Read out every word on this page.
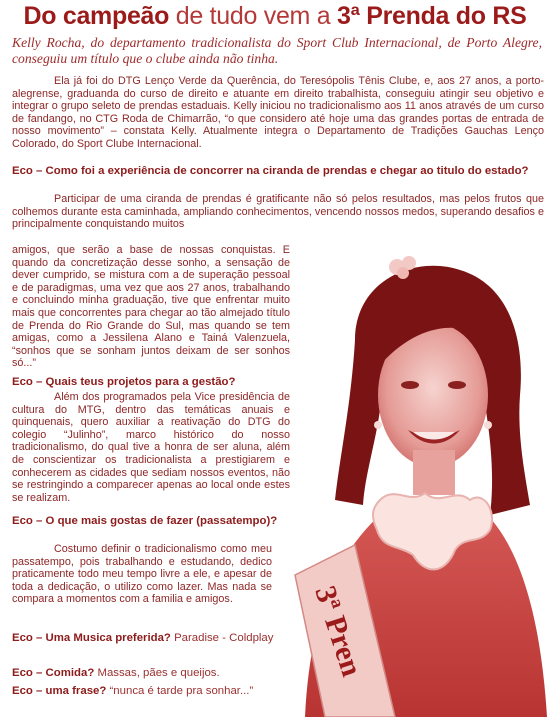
Do campeão de tudo vem a 3ª Prenda do RS
Kelly Rocha, do departamento tradicionalista do Sport Club Internacional, de Porto Alegre, conseguiu um título que o clube ainda não tinha.
Ela já foi do DTG Lenço Verde da Querência, do Teresópolis Tênis Clube, e, aos 27 anos, a porto-alegrense, graduanda do curso de direito e atuante em direito trabalhista, conseguiu atingir seu objetivo e integrar o grupo seleto de prendas estaduais. Kelly iniciou no tradicionalismo aos 11 anos através de um curso de fandango, no CTG Roda de Chimarrão, “o que considero até hoje uma das grandes portas de entrada de nosso movimento” – constata Kelly. Atualmente integra o Departamento de Tradições Gauchas Lenço Colorado, do Sport Clube Internacional.
Eco – Como foi a experiência de concorrer na ciranda de prendas e chegar ao titulo do estado?
Participar de uma ciranda de prendas é gratificante não só pelos resultados, mas pelos frutos que colhemos durante esta caminhada, ampliando conhecimentos, vencendo nossos medos, superando desafios e principalmente conquistando muitos
amigos, que serão a base de nossas conquistas. E quando da concretização desse sonho, a sensação de dever cumprido, se mistura com a de superação pessoal e de paradigmas, uma vez que aos 27 anos, trabalhando e concluindo minha graduação, tive que enfrentar muito mais que concorrentes para chegar ao tão almejado título de Prenda do Rio Grande do Sul, mas quando se tem amigas, como a Jessilena Alano e Tainá Valenzuela, “sonhos que se sonham juntos deixam de ser sonhos só...”
Eco – Quais teus projetos para a gestão?
Além dos programados pela Vice presidência de cultura do MTG, dentro das temáticas anuais e quinquenais, quero auxiliar a reativação do DTG do colegio “Julinho”, marco histórico do nosso tradicionalismo, do qual tive a honra de ser aluna, além de conscientizar os tradicionalista a prestigiarem e conhecerem as cidades que sediam nossos eventos, não se restringindo a comparecer apenas ao local onde estes se realizam.
Eco – O que mais gostas de fazer (passatempo)?
Costumo definir o tradicionalismo como meu passatempo, pois trabalhando e estudando, dedico praticamente todo meu tempo livre a ele, e apesar de toda a dedicação, o utilizo como lazer. Mas nada se compara a momentos com a familia e amigos.
Eco – Uma Musica preferida? Paradise - Coldplay
Eco – Comida? Massas, pães e queijos.
Eco – uma frase? “nunca é tarde pra sonhar...”
3ª Pren
